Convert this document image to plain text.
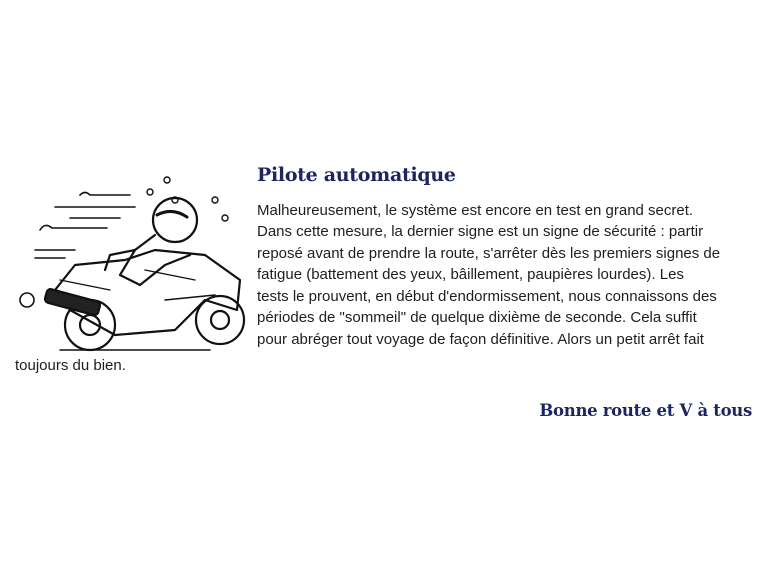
Pilote automatique
Malheureusement, le système est encore en test en grand secret.
Dans cette mesure, la dernier signe est un signe de sécurité : partir
reposé avant de prendre la route, s'arrêter dès les premiers signes de
fatigue (battement des yeux, bâillement, paupières lourdes). Les
tests le prouvent, en début d'endormissement, nous connaissons des
périodes de "sommeil" de quelque dixième de seconde. Cela suffit
pour abréger tout voyage de façon définitive. Alors un petit arrêt fait
toujours du bien.
Bonne route et V à tous
